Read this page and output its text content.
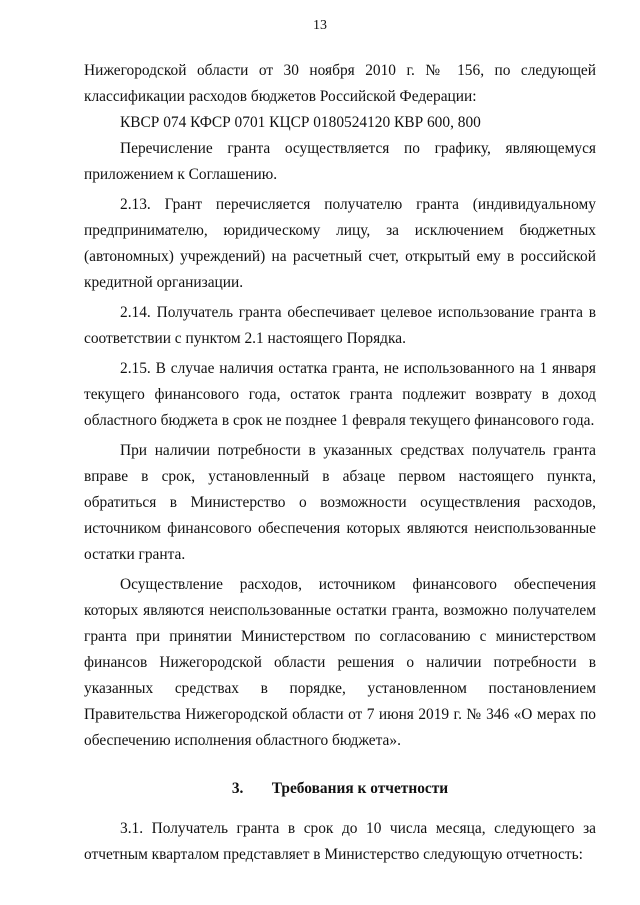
13

Нижегородской области от 30 ноября 2010 г. № 156, по следующей классификации расходов бюджетов Российской Федерации:

КВСР 074 КФСР 0701 КЦСР 0180524120 КВР 600, 800

Перечисление гранта осуществляется по графику, являющемуся приложением к Соглашению.

2.13. Грант перечисляется получателю гранта (индивидуальному предпринимателю, юридическому лицу, за исключением бюджетных (автономных) учреждений) на расчетный счет, открытый ему в российской кредитной организации.

2.14. Получатель гранта обеспечивает целевое использование гранта в соответствии с пунктом 2.1 настоящего Порядка.

2.15. В случае наличия остатка гранта, не использованного на 1 января текущего финансового года, остаток гранта подлежит возврату в доход областного бюджета в срок не позднее 1 февраля текущего финансового года.

При наличии потребности в указанных средствах получатель гранта вправе в срок, установленный в абзаце первом настоящего пункта, обратиться в Министерство о возможности осуществления расходов, источником финансового обеспечения которых являются неиспользованные остатки гранта.

Осуществление расходов, источником финансового обеспечения которых являются неиспользованные остатки гранта, возможно получателем гранта при принятии Министерством по согласованию с министерством финансов Нижегородской области решения о наличии потребности в указанных средствах в порядке, установленном постановлением Правительства Нижегородской области от 7 июня 2019 г. № 346 «О мерах по обеспечению исполнения областного бюджета».

3. Требования к отчетности

3.1. Получатель гранта в срок до 10 числа месяца, следующего за отчетным кварталом представляет в Министерство следующую отчетность:
